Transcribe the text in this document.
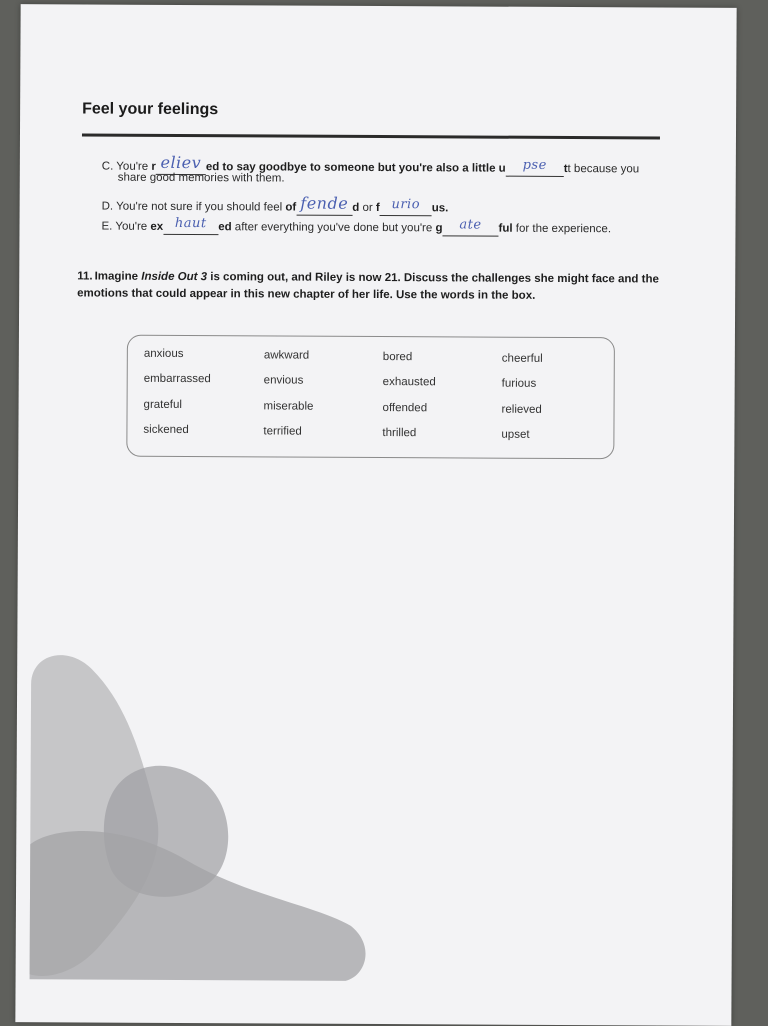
Feel your feelings
C. You're r eliev ed to say goodbye to someone but you're also a little u pse tt because you
share good memories with them.
D. You're not sure if you should feel of fende d or f urio us.
E. You're ex haut ed after everything you've done but you're g ate ful for the experience.
11. Imagine Inside Out 3 is coming out, and Riley is now 21. Discuss the challenges she might face and the emotions that could appear in this new chapter of her life. Use the words in the box.
anxious	awkward	bored	cheerful
embarrassed	envious	exhausted	furious
grateful	miserable	offended	relieved
sickened	terrified	thrilled	upset
